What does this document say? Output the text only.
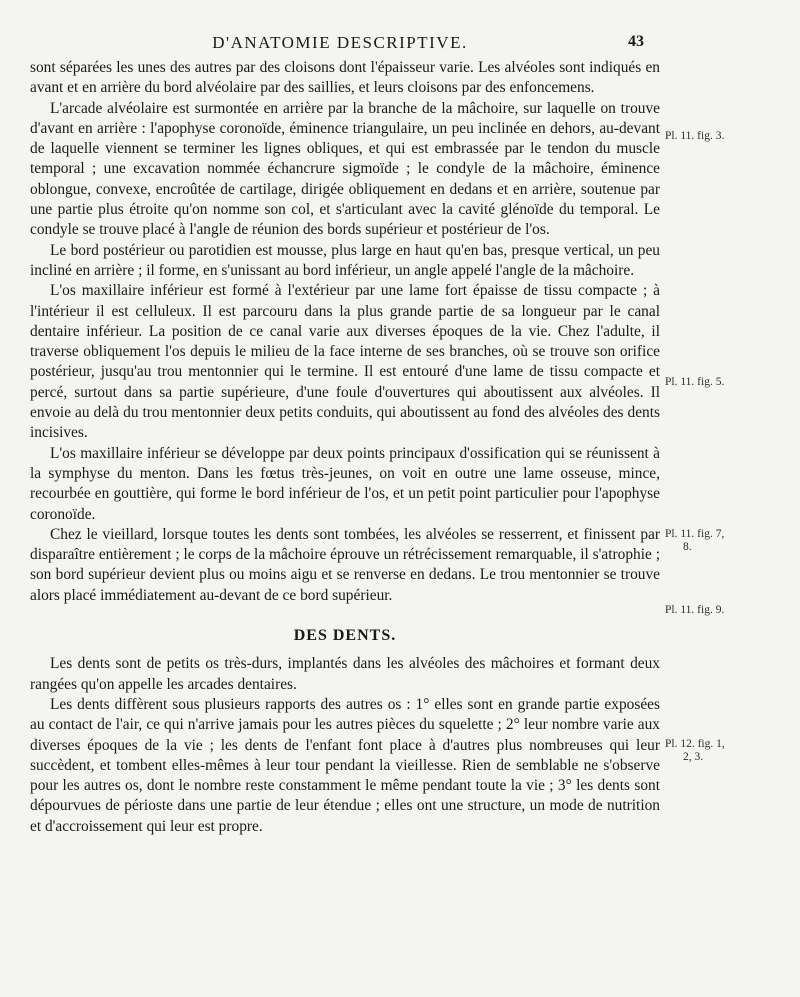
D'ANATOMIE DESCRIPTIVE.	43

sont séparées les unes des autres par des cloisons dont l'épaisseur varie. Les alvéoles sont indiqués en avant et en arrière du bord alvéolaire par des saillies, et leurs cloisons par des enfoncemens.

L'arcade alvéolaire est surmontée en arrière par la branche de la mâchoire, sur laquelle on trouve d'avant en arrière : l'apophyse coronoïde, éminence triangulaire, un peu inclinée en dehors, au-devant de laquelle viennent se terminer les lignes obliques, et qui est embrassée par le tendon du muscle temporal ; une excavation nommée échancrure sigmoïde ; le condyle de la mâchoire, éminence oblongue, convexe, encroûtée de cartilage, dirigée obliquement en dedans et en arrière, soutenue par une partie plus étroite qu'on nomme son col, et s'articulant avec la cavité glénoïde du temporal. Le condyle se trouve placé à l'angle de réunion des bords supérieur et postérieur de l'os.

Le bord postérieur ou parotidien est mousse, plus large en haut qu'en bas, presque vertical, un peu incliné en arrière ; il forme, en s'unissant au bord inférieur, un angle appelé l'angle de la mâchoire.

L'os maxillaire inférieur est formé à l'extérieur par une lame fort épaisse de tissu compacte ; à l'intérieur il est celluleux. Il est parcouru dans la plus grande partie de sa longueur par le canal dentaire inférieur. La position de ce canal varie aux diverses époques de la vie. Chez l'adulte, il traverse obliquement l'os depuis le milieu de la face interne de ses branches, où se trouve son orifice postérieur, jusqu'au trou mentonnier qui le termine. Il est entouré d'une lame de tissu compacte et percé, surtout dans sa partie supérieure, d'une foule d'ouvertures qui aboutissent aux alvéoles. Il envoie au delà du trou mentonnier deux petits conduits, qui aboutissent au fond des alvéoles des dents incisives.

L'os maxillaire inférieur se développe par deux points principaux d'ossification qui se réunissent à la symphyse du menton. Dans les fœtus très-jeunes, on voit en outre une lame osseuse, mince, recourbée en gouttière, qui forme le bord inférieur de l'os, et un petit point particulier pour l'apophyse coronoïde.

Chez le vieillard, lorsque toutes les dents sont tombées, les alvéoles se resserrent, et finissent par disparaître entièrement ; le corps de la mâchoire éprouve un rétrécissement remarquable, il s'atrophie ; son bord supérieur devient plus ou moins aigu et se renverse en dedans. Le trou mentonnier se trouve alors placé immédiatement au-devant de ce bord supérieur.

DES DENTS.

Les dents sont de petits os très-durs, implantés dans les alvéoles des mâchoires et formant deux rangées qu'on appelle les arcades dentaires.

Les dents diffèrent sous plusieurs rapports des autres os : 1° elles sont en grande partie exposées au contact de l'air, ce qui n'arrive jamais pour les autres pièces du squelette ; 2° leur nombre varie aux diverses époques de la vie ; les dents de l'enfant font place à d'autres plus nombreuses qui leur succèdent, et tombent elles-mêmes à leur tour pendant la vieillesse. Rien de semblable ne s'observe pour les autres os, dont le nombre reste constamment le même pendant toute la vie ; 3° les dents sont dépourvues de périoste dans une partie de leur étendue ; elles ont une structure, un mode de nutrition et d'accroissement qui leur est propre.

Pl. 11. fig. 3.
Pl. 11. fig. 5.
Pl. 11. fig. 7,
8.
Pl. 11. fig. 9.
Pl. 12. fig. 1,
2, 3.
